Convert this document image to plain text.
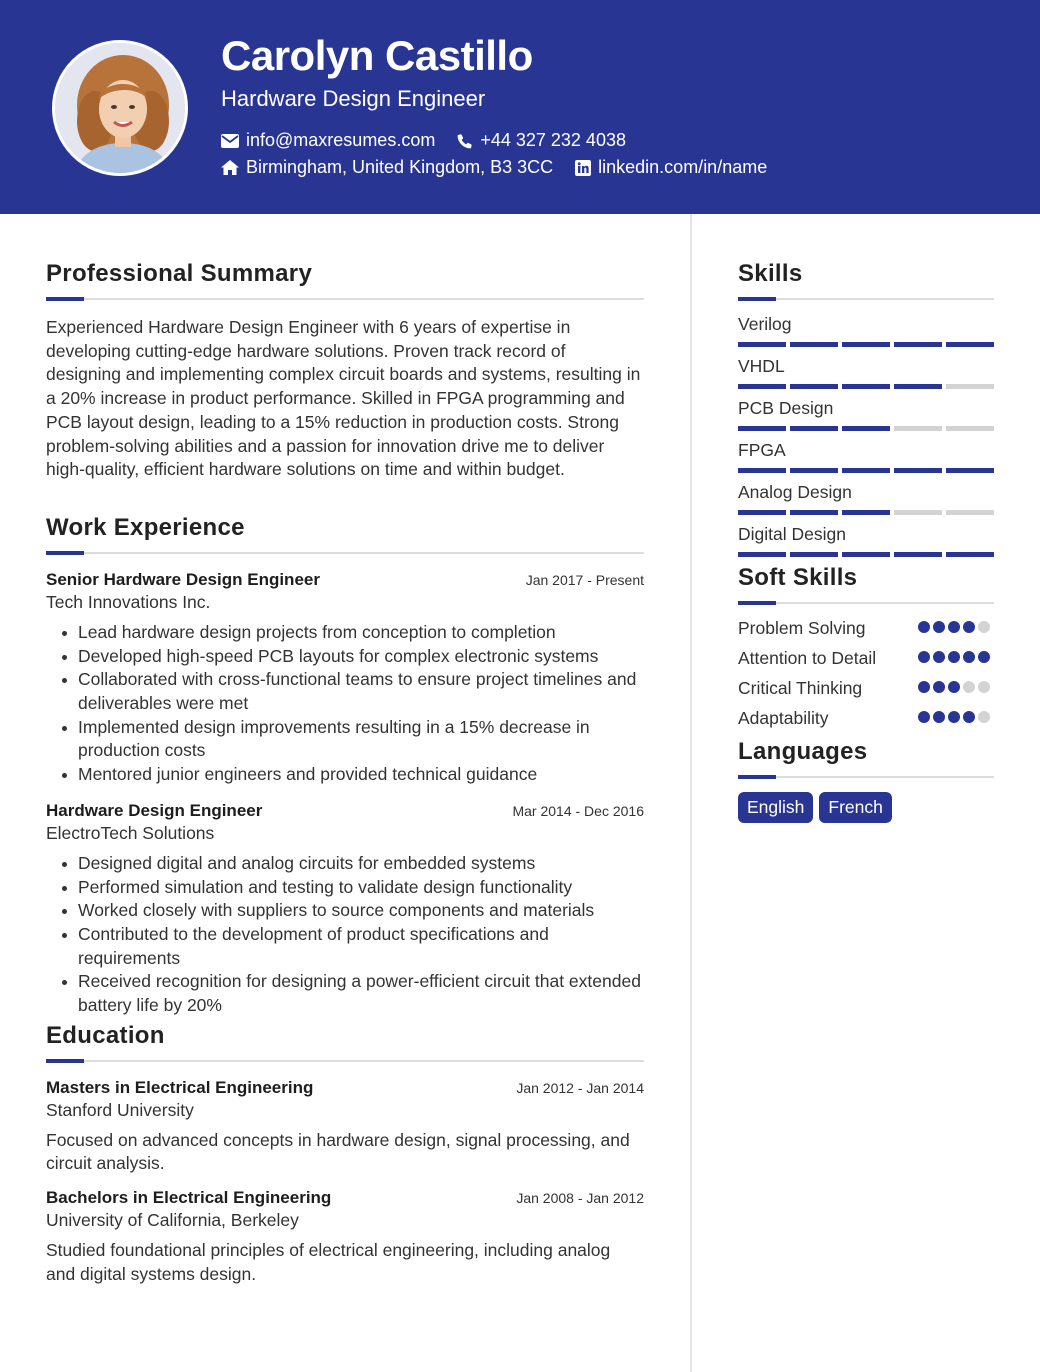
Carolyn Castillo
Hardware Design Engineer
info@maxresumes.com	+44 327 232 4038
Birmingham, United Kingdom, B3 3CC	linkedin.com/in/name
Professional Summary

Experienced Hardware Design Engineer with 6 years of expertise in developing cutting-edge hardware solutions. Proven track record of designing and implementing complex circuit boards and systems, resulting in a 20% increase in product performance. Skilled in FPGA programming and PCB layout design, leading to a 15% reduction in production costs. Strong problem-solving abilities and a passion for innovation drive me to deliver high-quality, efficient hardware solutions on time and within budget.

Work Experience
Senior Hardware Design Engineer	Jan 2017 - Present
Tech Innovations Inc.
Lead hardware design projects from conception to completion
Developed high-speed PCB layouts for complex electronic systems
Collaborated with cross-functional teams to ensure project timelines and deliverables were met
Implemented design improvements resulting in a 15% decrease in production costs
Mentored junior engineers and provided technical guidance
Hardware Design Engineer	Mar 2014 - Dec 2016
ElectroTech Solutions
Designed digital and analog circuits for embedded systems
Performed simulation and testing to validate design functionality
Worked closely with suppliers to source components and materials
Contributed to the development of product specifications and requirements
Received recognition for designing a power-efficient circuit that extended battery life by 20%
Education
Masters in Electrical Engineering	Jan 2012 - Jan 2014
Stanford University

Focused on advanced concepts in hardware design, signal processing, and circuit analysis.

Bachelors in Electrical Engineering	Jan 2008 - Jan 2012
University of California, Berkeley

Studied foundational principles of electrical engineering, including analog and digital systems design.

Skills
Verilog
VHDL
PCB Design
FPGA
Analog Design
Digital Design
Soft Skills
Problem Solving
Attention to Detail
Critical Thinking
Adaptability
Languages
English	French
